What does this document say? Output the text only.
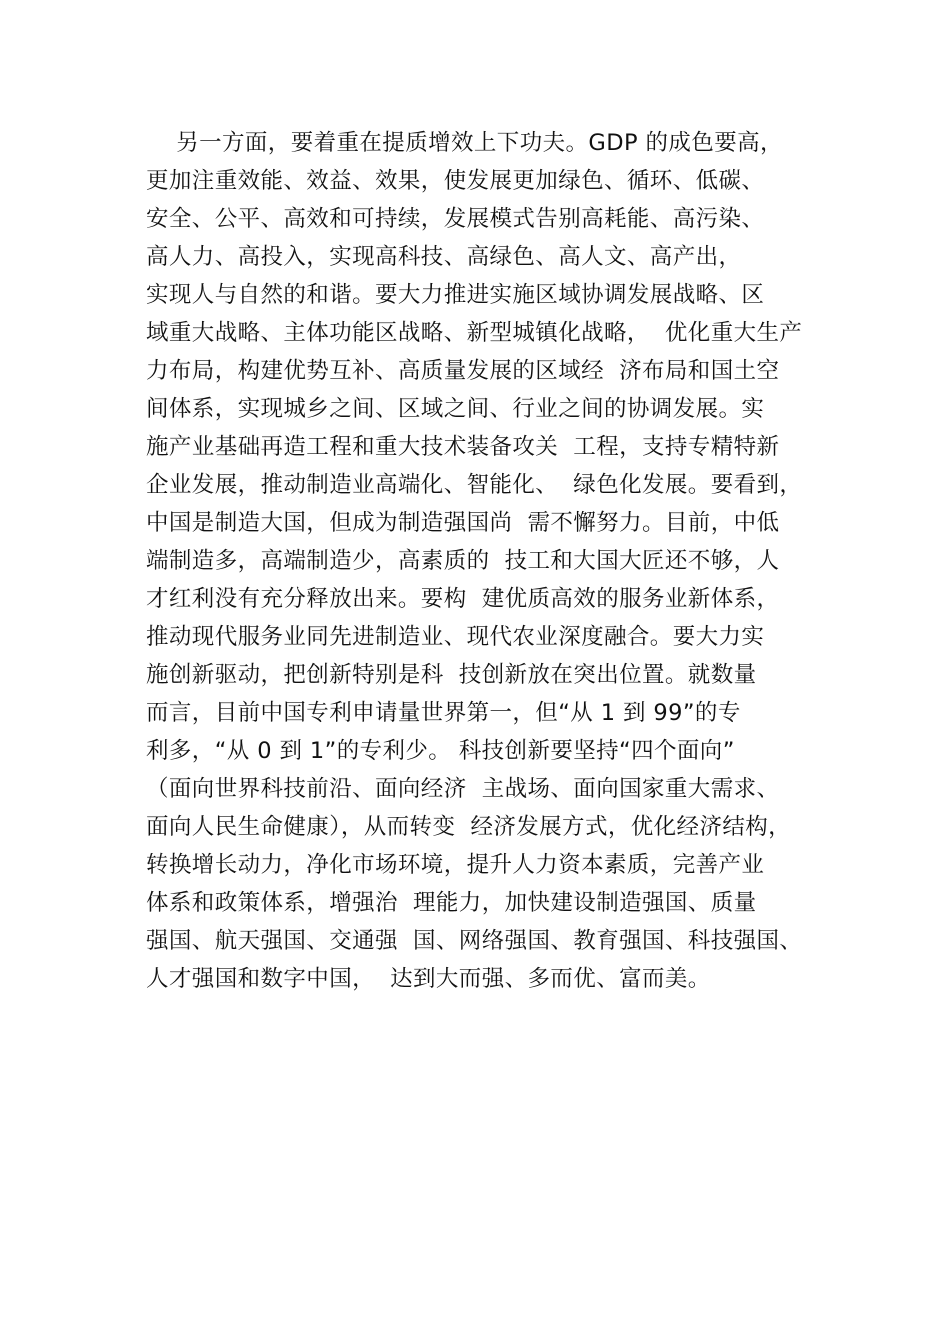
另一方面，要着重在提质增效上下功夫。GDP 的成色要高，
更加注重效能、效益、效果，使发展更加绿色、循环、低碳、
安全、公平、高效和可持续，发展模式告别高耗能、高污染、
高人力、高投入，实现高科技、高绿色、高人文、高产出，
实现人与自然的和谐。要大力推进实施区域协调发展战略、区
域重大战略、主体功能区战略、新型城镇化战略，  优化重大生产
力布局，构建优势互补、高质量发展的区域经  济布局和国土空
间体系，实现城乡之间、区域之间、行业之间的协调发展。实
施产业基础再造工程和重大技术装备攻关  工程，支持专精特新
企业发展，推动制造业高端化、智能化、  绿色化发展。要看到，
中国是制造大国，但成为制造强国尚  需不懈努力。目前，中低
端制造多，高端制造少，高素质的  技工和大国大匠还不够，人
才红利没有充分释放出来。要构  建优质高效的服务业新体系，
推动现代服务业同先进制造业、现代农业深度融合。要大力实
施创新驱动，把创新特别是科  技创新放在突出位置。就数量
而言，目前中国专利申请量世界第一，但“从 1 到 99”的专
利多，“从 0 到 1”的专利少。 科技创新要坚持“四个面向”
（面向世界科技前沿、面向经济  主战场、面向国家重大需求、
面向人民生命健康），从而转变  经济发展方式，优化经济结构，
转换增长动力，净化市场环境，提升人力资本素质，完善产业
体系和政策体系，增强治  理能力，加快建设制造强国、质量
强国、航天强国、交通强  国、网络强国、教育强国、科技强国、
人才强国和数字中国，  达到大而强、多而优、富而美。
